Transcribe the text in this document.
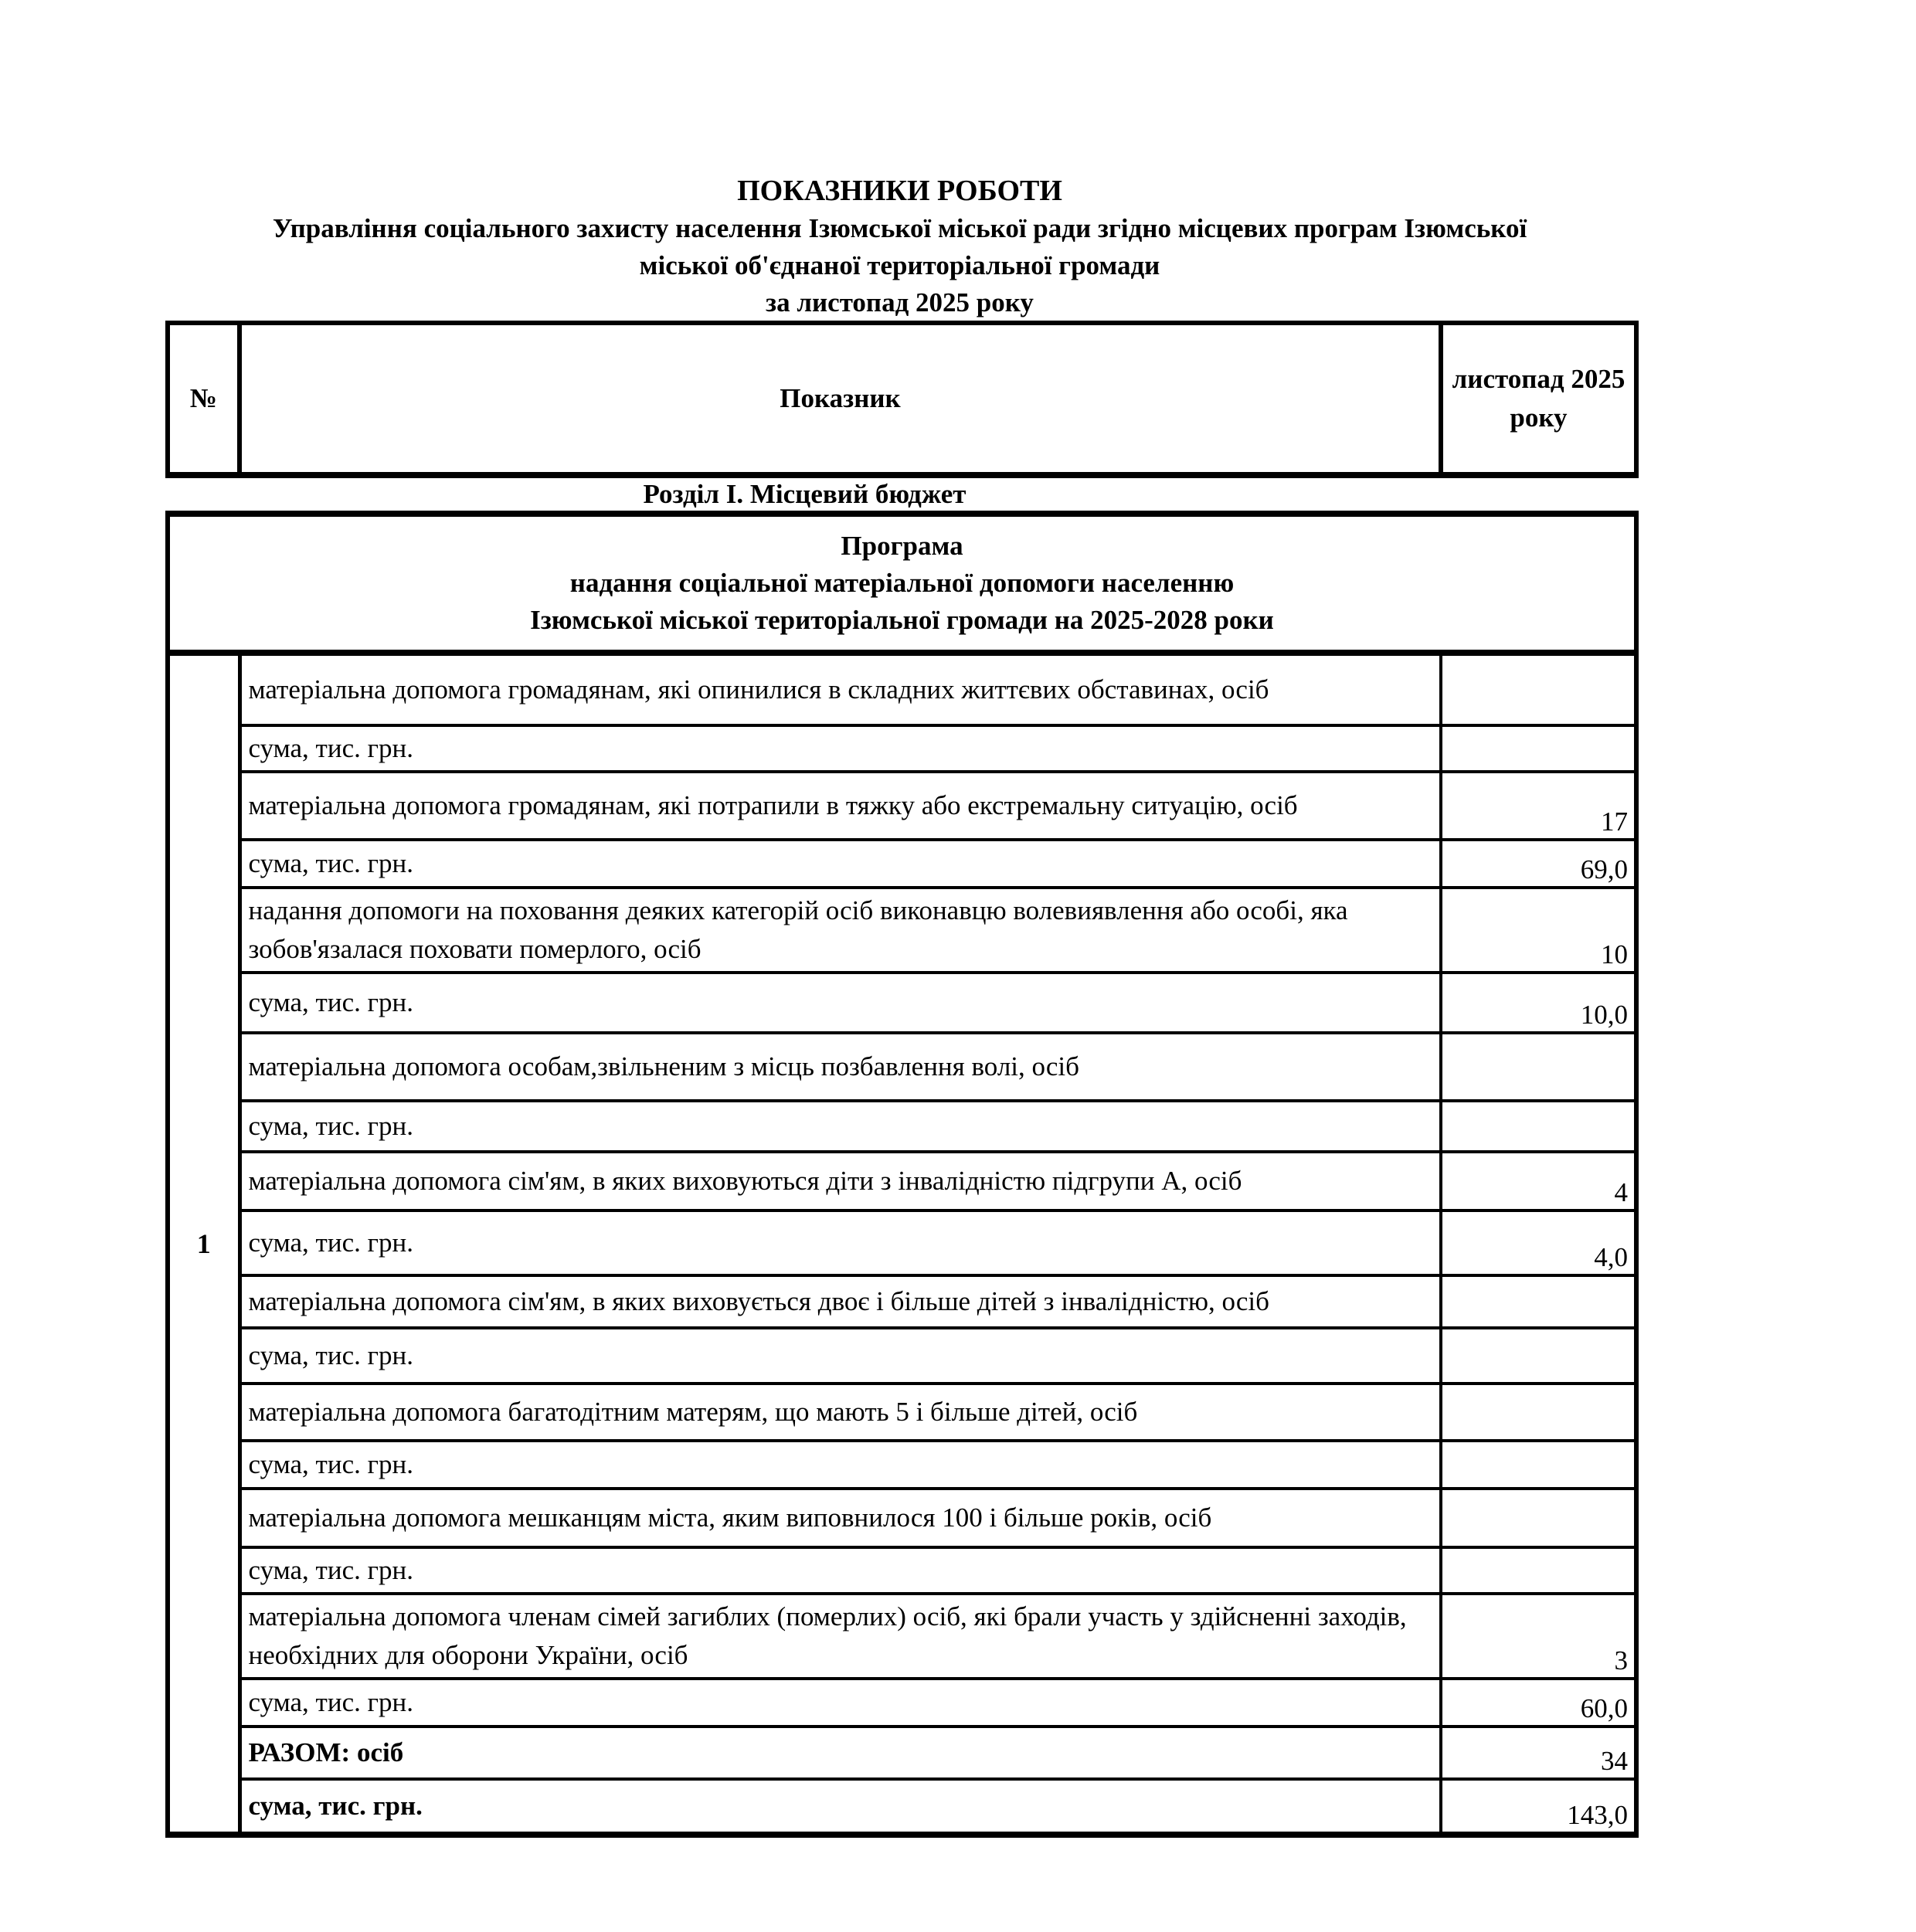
ПОКАЗНИКИ РОБОТИ
Управління соціального захисту населення Ізюмської міської ради згідно місцевих програм Ізюмської
міської об'єднаної територіальної громади
за листопад 2025 року
№	Показник	листопад 2025 року
Розділ I. Місцевий бюджет		

Програма
надання соціальної матеріальної допомоги населенню
Ізюмської міської територіальної громади на 2025-2028 роки		

1	матеріальна допомога громадянам, які опинилися в складних життєвих обставинах, осіб	
	сума, тис. грн.	
	матеріальна допомога громадянам, які потрапили в тяжку або екстремальну ситуацію, осіб	17
	сума, тис. грн.	69,0
	надання допомоги на поховання деяких категорій осіб виконавцю волевиявлення або особі, яка зобов'язалася поховати померлого, осіб	10
	сума, тис. грн.	10,0
	матеріальна допомога особам,звільненим з місць позбавлення волі, осіб	
	сума, тис. грн.	
	матеріальна допомога сім'ям, в яких виховуються діти з інвалідністю підгрупи А, осіб	4
	сума, тис. грн.	4,0
	матеріальна допомога сім'ям, в яких виховується двоє і більше дітей з інвалідністю, осіб	
	сума, тис. грн.	
	матеріальна допомога багатодітним матерям, що мають 5 і більше дітей, осіб	
	сума, тис. грн.	
	матеріальна допомога мешканцям міста, яким виповнилося 100 і більше років, осіб	
	сума, тис. грн.	
	матеріальна допомога членам сімей загиблих (померлих) осіб, які брали участь у здійсненні заходів, необхідних для оборони України, осіб	3
	сума, тис. грн.	60,0
	РАЗОМ: осіб	34
	сума, тис. грн.	143,0
